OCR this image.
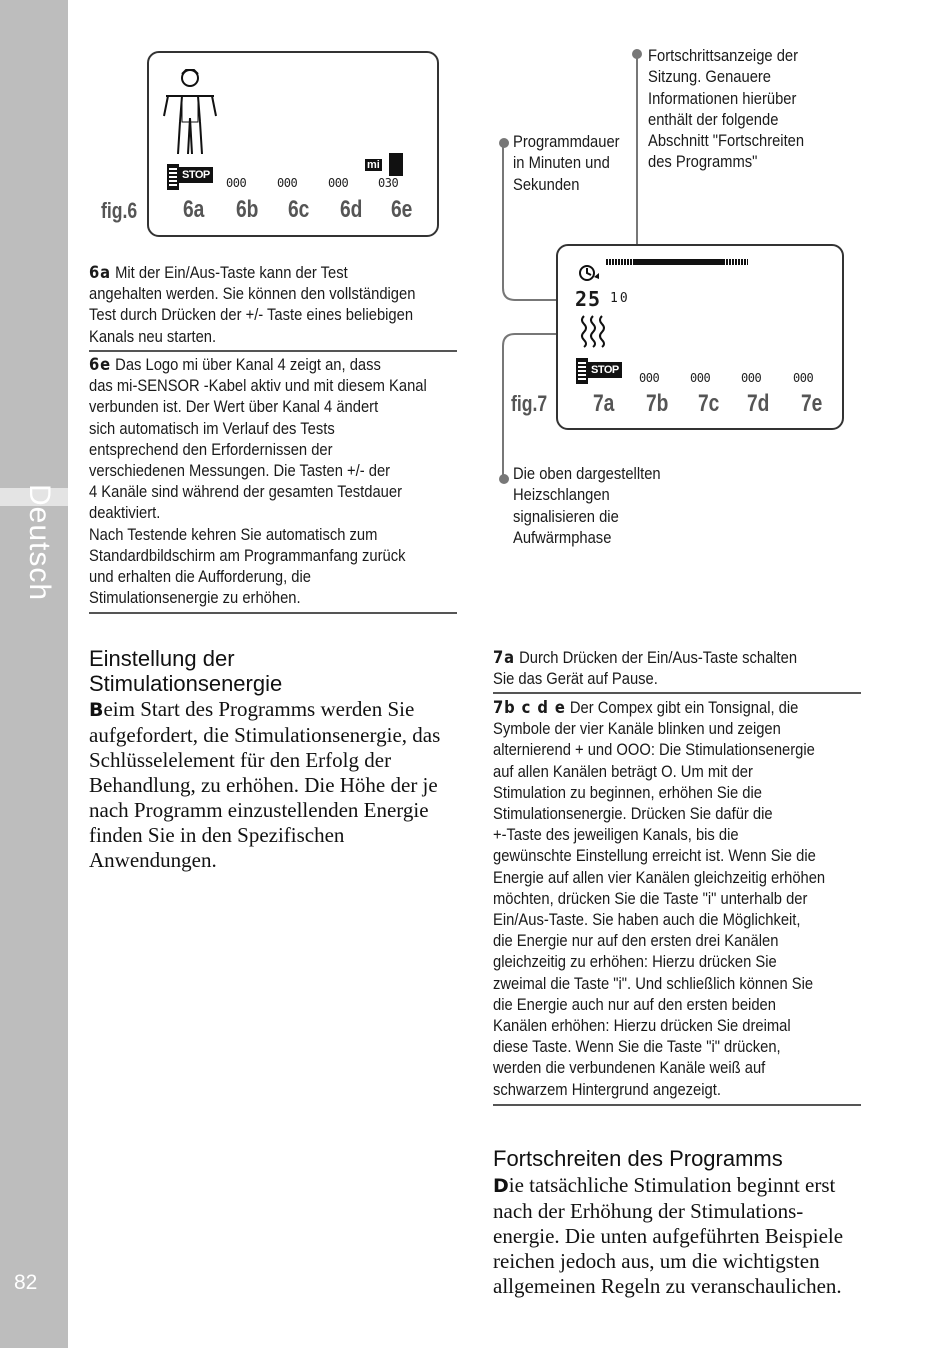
Deutsch
82
fig.6
STOP
mi
000	000	000 030
6a 6b 6c 6d 6e
6a Mit der Ein/Aus-Taste kann der Test
angehalten werden. Sie können den vollständigen
Test durch Drücken der +/- Taste eines beliebigen
Kanals neu starten.
6e Das Logo mi über Kanal 4 zeigt an, dass
das mi-SENSOR -Kabel aktiv und mit diesem Kanal
verbunden ist. Der Wert über Kanal 4 ändert
sich automatisch im Verlauf des Tests
entsprechend den Erfordernissen der
verschiedenen Messungen. Die Tasten +/- der
4 Kanäle sind während der gesamten Testdauer
deaktiviert.
Nach Testende kehren Sie automatisch zum
Standardbildschirm am Programmanfang zurück
und erhalten die Aufforderung, die
Stimulationsenergie zu erhöhen.
Fortschrittsanzeige der
Sitzung. Genauere
Informationen hierüber
enthält der folgende
Abschnitt "Fortschreiten
des Programms"
Programmdauer
in Minuten und
Sekunden
Die oben dargestellten
Heizschlangen
signalisieren die
Aufwärmphase
fig.7
25 10
STOP
000	000	000	000
7a 7b 7c 7d 7e
Einstellung der
Stimulationsenergie
Beim Start des Programms werden Sie
aufgefordert, die Stimulationsenergie, das
Schlüsselelement für den Erfolg der
Behandlung, zu erhöhen. Die Höhe der je
nach Programm einzustellenden Energie
finden Sie in den Spezifischen
Anwendungen.
7a Durch Drücken der Ein/Aus-Taste schalten
Sie das Gerät auf Pause.
7b c d e Der Compex gibt ein Tonsignal, die
Symbole der vier Kanäle blinken und zeigen
alternierend + und OOO: Die Stimulationsenergie
auf allen Kanälen beträgt O. Um mit der
Stimulation zu beginnen, erhöhen Sie die
Stimulationsenergie. Drücken Sie dafür die
+-Taste des jeweiligen Kanals, bis die
gewünschte Einstellung erreicht ist. Wenn Sie die
Energie auf allen vier Kanälen gleichzeitig erhöhen
möchten, drücken Sie die Taste "i" unterhalb der
Ein/Aus-Taste. Sie haben auch die Möglichkeit,
die Energie nur auf den ersten drei Kanälen
gleichzeitig zu erhöhen: Hierzu drücken Sie
zweimal die Taste "i". Und schließlich können Sie
die Energie auch nur auf den ersten beiden
Kanälen erhöhen: Hierzu drücken Sie dreimal
diese Taste. Wenn Sie die Taste "i" drücken,
werden die verbundenen Kanäle weiß auf
schwarzem Hintergrund angezeigt.
Fortschreiten des Programms
Die tatsächliche Stimulation beginnt erst
nach der Erhöhung der Stimulations-
energie. Die unten aufgeführten Beispiele
reichen jedoch aus, um die wichtigsten
allgemeinen Regeln zu veranschaulichen.
